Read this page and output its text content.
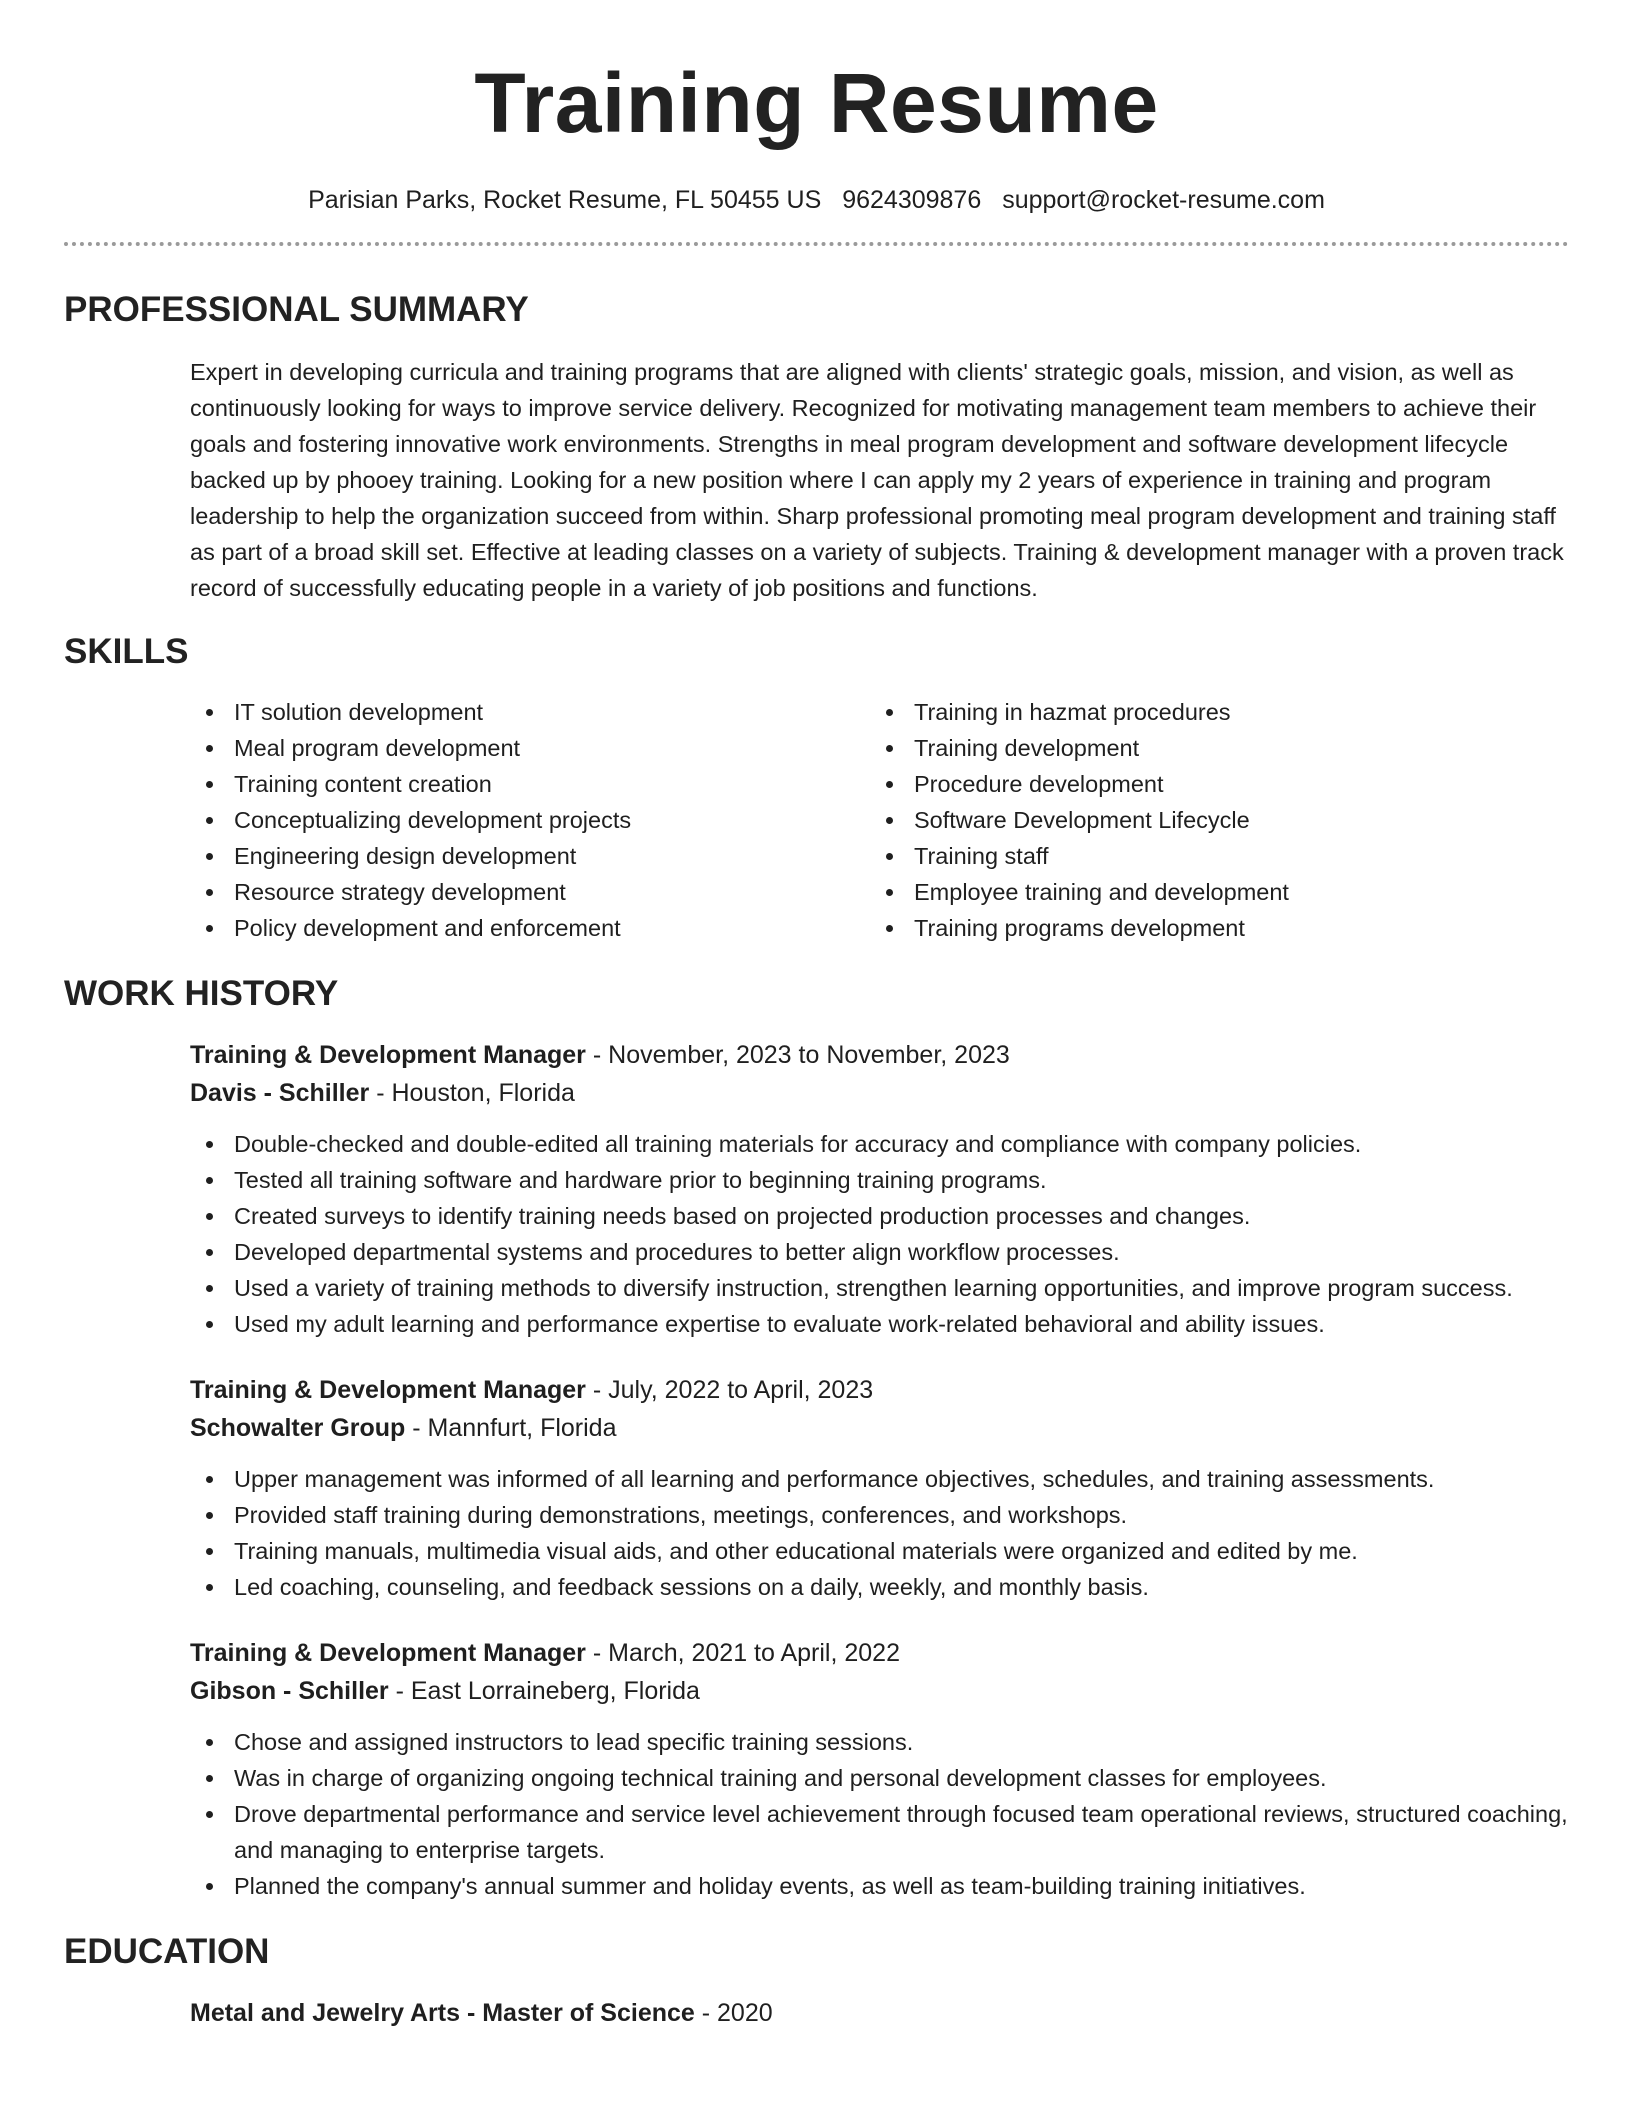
Training Resume
Parisian Parks, Rocket Resume, FL 50455 US 9624309876 support@rocket-resume.com
PROFESSIONAL SUMMARY

Expert in developing curricula and training programs that are aligned with clients' strategic goals, mission, and vision, as well as continuously looking for ways to improve service delivery. Recognized for motivating management team members to achieve their goals and fostering innovative work environments. Strengths in meal program development and software development lifecycle backed up by phooey training. Looking for a new position where I can apply my 2 years of experience in training and program leadership to help the organization succeed from within. Sharp professional promoting meal program development and training staff as part of a broad skill set. Effective at leading classes on a variety of subjects. Training & development manager with a proven track record of successfully educating people in a variety of job positions and functions.

SKILLS
IT solution development
Meal program development
Training content creation
Conceptualizing development projects
Engineering design development
Resource strategy development
Policy development and enforcement
Training in hazmat procedures
Training development
Procedure development
Software Development Lifecycle
Training staff
Employee training and development
Training programs development
WORK HISTORY
Training & Development Manager - November, 2023 to November, 2023
Davis - Schiller - Houston, Florida
Double-checked and double-edited all training materials for accuracy and compliance with company policies.
Tested all training software and hardware prior to beginning training programs.
Created surveys to identify training needs based on projected production processes and changes.
Developed departmental systems and procedures to better align workflow processes.
Used a variety of training methods to diversify instruction, strengthen learning opportunities, and improve program success.
Used my adult learning and performance expertise to evaluate work-related behavioral and ability issues.
Training & Development Manager - July, 2022 to April, 2023
Schowalter Group - Mannfurt, Florida
Upper management was informed of all learning and performance objectives, schedules, and training assessments.
Provided staff training during demonstrations, meetings, conferences, and workshops.
Training manuals, multimedia visual aids, and other educational materials were organized and edited by me.
Led coaching, counseling, and feedback sessions on a daily, weekly, and monthly basis.
Training & Development Manager - March, 2021 to April, 2022
Gibson - Schiller - East Lorraineberg, Florida
Chose and assigned instructors to lead specific training sessions.
Was in charge of organizing ongoing technical training and personal development classes for employees.
Drove departmental performance and service level achievement through focused team operational reviews, structured coaching, and managing to enterprise targets.
Planned the company's annual summer and holiday events, as well as team-building training initiatives.
EDUCATION
Metal and Jewelry Arts - Master of Science - 2020
